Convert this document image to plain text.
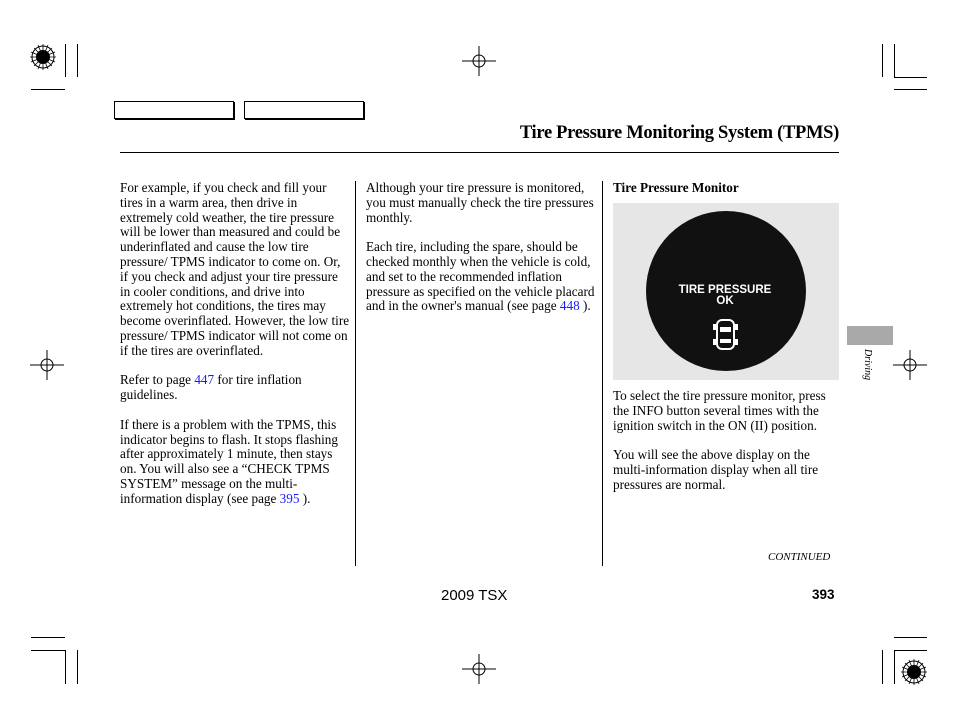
Tire Pressure Monitoring System (TPMS)

For example, if you check and fill your tires in a warm area, then drive in extremely cold weather, the tire pressure will be lower than measured and could be underinflated and cause the low tire pressure/ TPMS indicator to come on. Or, if you check and adjust your tire pressure in cooler conditions, and drive into extremely hot conditions, the tires may become overinflated. However, the low tire pressure/ TPMS indicator will not come on if the tires are overinflated.

Refer to page 447 for tire inflation guidelines.

If there is a problem with the TPMS, this indicator begins to flash. It stops flashing after approximately 1 minute, then stays on. You will also see a “CHECK TPMS SYSTEM” message on the multi-information display (see page 395 ).

Although your tire pressure is monitored, you must manually check the tire pressures monthly.

Each tire, including the spare, should be checked monthly when the vehicle is cold, and set to the recommended inflation pressure as specified on the vehicle placard and in the owner's manual (see page 448 ).

Tire Pressure Monitor
TIRE PRESSURE
OK

To select the tire pressure monitor, press the INFO button several times with the ignition switch in the ON (II) position.

You will see the above display on the multi-information display when all tire pressures are normal.

Driving
CONTINUED
2009 TSX	393
